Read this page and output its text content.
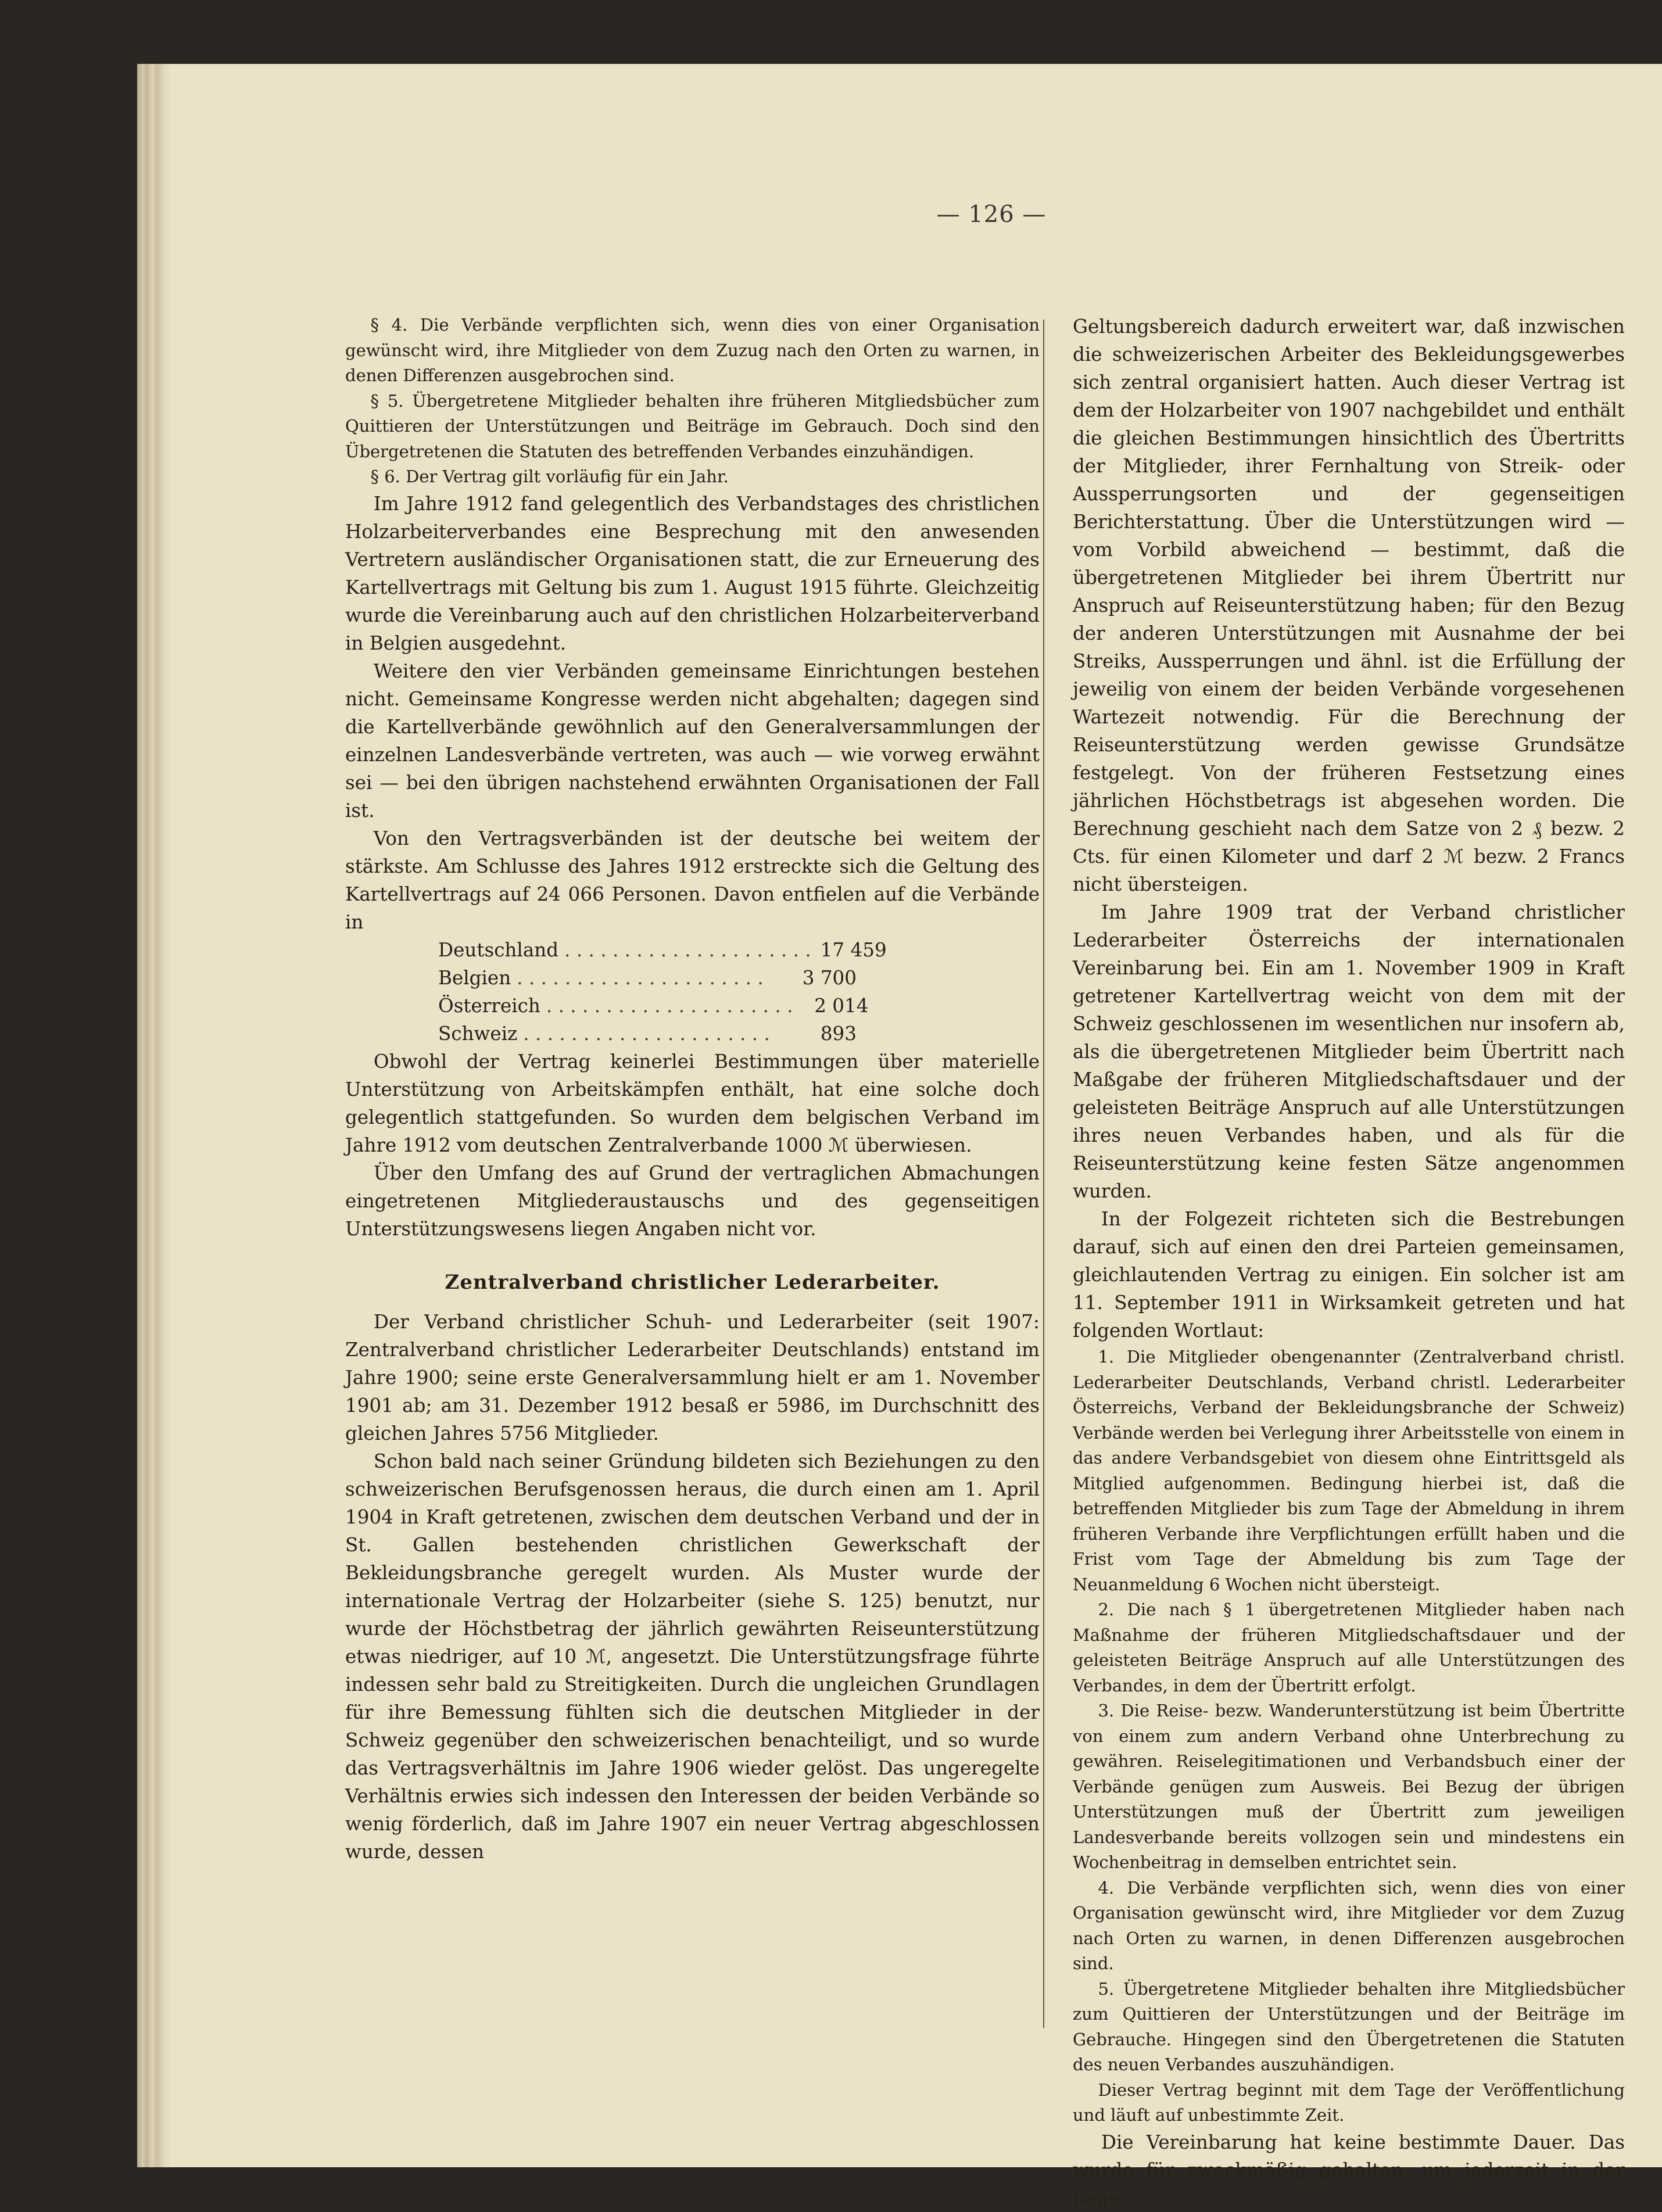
— 126 —

§ 4. Die Verbände verpflichten sich, wenn dies von einer Organisation gewünscht wird, ihre Mitglieder von dem Zuzug nach den Orten zu warnen, in denen Differenzen ausgebrochen sind.

§ 5. Übergetretene Mitglieder behalten ihre früheren Mitgliedsbücher zum Quittieren der Unterstützungen und Beiträge im Gebrauch. Doch sind den Übergetretenen die Statuten des betreffenden Verbandes einzuhändigen.

§ 6. Der Vertrag gilt vorläufig für ein Jahr.

Im Jahre 1912 fand gelegentlich des Verbandstages des christlichen Holzarbeiterverbandes eine Besprechung mit den anwesenden Vertretern ausländischer Organisationen statt, die zur Erneuerung des Kartellvertrags mit Geltung bis zum 1. August 1915 führte. Gleichzeitig wurde die Vereinbarung auch auf den christlichen Holzarbeiterverband in Belgien ausgedehnt.

Weitere den vier Verbänden gemeinsame Einrichtungen bestehen nicht. Gemeinsame Kongresse werden nicht abgehalten; dagegen sind die Kartellverbände gewöhnlich auf den Generalversammlungen der einzelnen Landesverbände vertreten, was auch — wie vorweg erwähnt sei — bei den übrigen nachstehend erwähnten Organisationen der Fall ist.

Von den Vertragsverbänden ist der deutsche bei weitem der stärkste. Am Schlusse des Jahres 1912 erstreckte sich die Geltung des Kartellvertrags auf 24 066 Personen. Davon entfielen auf die Verbände in

Deutschland . . . . . . . . . . . . . . . . . . . . . 17 459
Belgien . . . . . . . . . . . . . . . . . . . . .	3 700
Österreich . . . . . . . . . . . . . . . . . . . . .	2 014
Schweiz . . . . . . . . . . . . . . . . . . . . .	893

Obwohl der Vertrag keinerlei Bestimmungen über materielle Unterstützung von Arbeitskämpfen enthält, hat eine solche doch gelegentlich stattgefunden. So wurden dem belgischen Verband im Jahre 1912 vom deutschen Zentralverbande 1000 ℳ überwiesen.

Über den Umfang des auf Grund der vertraglichen Abmachungen eingetretenen Mitgliederaustauschs und des gegenseitigen Unterstützungswesens liegen Angaben nicht vor.

Zentralverband christlicher Lederarbeiter.

Der Verband christlicher Schuh- und Lederarbeiter (seit 1907: Zentralverband christlicher Lederarbeiter Deutschlands) entstand im Jahre 1900; seine erste Generalversammlung hielt er am 1. November 1901 ab; am 31. Dezember 1912 besaß er 5986, im Durchschnitt des gleichen Jahres 5756 Mitglieder.

Schon bald nach seiner Gründung bildeten sich Beziehungen zu den schweizerischen Berufsgenossen heraus, die durch einen am 1. April 1904 in Kraft getretenen, zwischen dem deutschen Verband und der in St. Gallen bestehenden christlichen Gewerkschaft der Bekleidungsbranche geregelt wurden. Als Muster wurde der internationale Vertrag der Holzarbeiter (siehe S. 125) benutzt, nur wurde der Höchstbetrag der jährlich gewährten Reiseunterstützung etwas niedriger, auf 10 ℳ, angesetzt. Die Unterstützungsfrage führte indessen sehr bald zu Streitigkeiten. Durch die ungleichen Grundlagen für ihre Bemessung fühlten sich die deutschen Mitglieder in der Schweiz gegenüber den schweizerischen benachteiligt, und so wurde das Vertragsverhältnis im Jahre 1906 wieder gelöst. Das ungeregelte Verhältnis erwies sich indessen den Interessen der beiden Verbände so wenig förderlich, daß im Jahre 1907 ein neuer Vertrag abgeschlossen wurde, dessen

Geltungsbereich dadurch erweitert war, daß inzwischen die schweizerischen Arbeiter des Bekleidungsgewerbes sich zentral organisiert hatten. Auch dieser Vertrag ist dem der Holzarbeiter von 1907 nachgebildet und enthält die gleichen Bestimmungen hinsichtlich des Übertritts der Mitglieder, ihrer Fernhaltung von Streik- oder Aussperrungsorten und der gegenseitigen Berichterstattung. Über die Unterstützungen wird — vom Vorbild abweichend — bestimmt, daß die übergetretenen Mitglieder bei ihrem Übertritt nur Anspruch auf Reiseunterstützung haben; für den Bezug der anderen Unterstützungen mit Ausnahme der bei Streiks, Aussperrungen und ähnl. ist die Erfüllung der jeweilig von einem der beiden Verbände vorgesehenen Wartezeit notwendig. Für die Berechnung der Reiseunterstützung werden gewisse Grundsätze festgelegt. Von der früheren Festsetzung eines jährlichen Höchstbetrags ist abgesehen worden. Die Berechnung geschieht nach dem Satze von 2 ₰ bezw. 2 Cts. für einen Kilometer und darf 2 ℳ bezw. 2 Francs nicht übersteigen.

Im Jahre 1909 trat der Verband christlicher Lederarbeiter Österreichs der internationalen Vereinbarung bei. Ein am 1. November 1909 in Kraft getretener Kartellvertrag weicht von dem mit der Schweiz geschlossenen im wesentlichen nur insofern ab, als die übergetretenen Mitglieder beim Übertritt nach Maßgabe der früheren Mitgliedschaftsdauer und der geleisteten Beiträge Anspruch auf alle Unterstützungen ihres neuen Verbandes haben, und als für die Reiseunterstützung keine festen Sätze angenommen wurden.

In der Folgezeit richteten sich die Bestrebungen darauf, sich auf einen den drei Parteien gemeinsamen, gleichlautenden Vertrag zu einigen. Ein solcher ist am 11. September 1911 in Wirksamkeit getreten und hat folgenden Wortlaut:

1. Die Mitglieder obengenannter (Zentralverband christl. Lederarbeiter Deutschlands, Verband christl. Lederarbeiter Österreichs, Verband der Bekleidungsbranche der Schweiz) Verbände werden bei Verlegung ihrer Arbeitsstelle von einem in das andere Verbandsgebiet von diesem ohne Eintrittsgeld als Mitglied aufgenommen. Bedingung hierbei ist, daß die betreffenden Mitglieder bis zum Tage der Abmeldung in ihrem früheren Verbande ihre Verpflichtungen erfüllt haben und die Frist vom Tage der Abmeldung bis zum Tage der Neuanmeldung 6 Wochen nicht übersteigt.

2. Die nach § 1 übergetretenen Mitglieder haben nach Maßnahme der früheren Mitgliedschaftsdauer und der geleisteten Beiträge Anspruch auf alle Unterstützungen des Verbandes, in dem der Übertritt erfolgt.

3. Die Reise- bezw. Wanderunterstützung ist beim Übertritte von einem zum andern Verband ohne Unterbrechung zu gewähren. Reiselegitimationen und Verbandsbuch einer der Verbände genügen zum Ausweis. Bei Bezug der übrigen Unterstützungen muß der Übertritt zum jeweiligen Landesverbande bereits vollzogen sein und mindestens ein Wochenbeitrag in demselben entrichtet sein.

4. Die Verbände verpflichten sich, wenn dies von einer Organisation gewünscht wird, ihre Mitglieder vor dem Zuzug nach Orten zu warnen, in denen Differenzen ausgebrochen sind.

5. Übergetretene Mitglieder behalten ihre Mitgliedsbücher zum Quittieren der Unterstützungen und der Beiträge im Gebrauche. Hingegen sind den Übergetretenen die Statuten des neuen Verbandes auszuhändigen.

Dieser Vertrag beginnt mit dem Tage der Veröffentlichung und läuft auf unbestimmte Zeit.

Die Vereinbarung hat keine bestimmte Dauer. Das wurde für zweckmäßig gehalten, um jederzeit in der Lage
